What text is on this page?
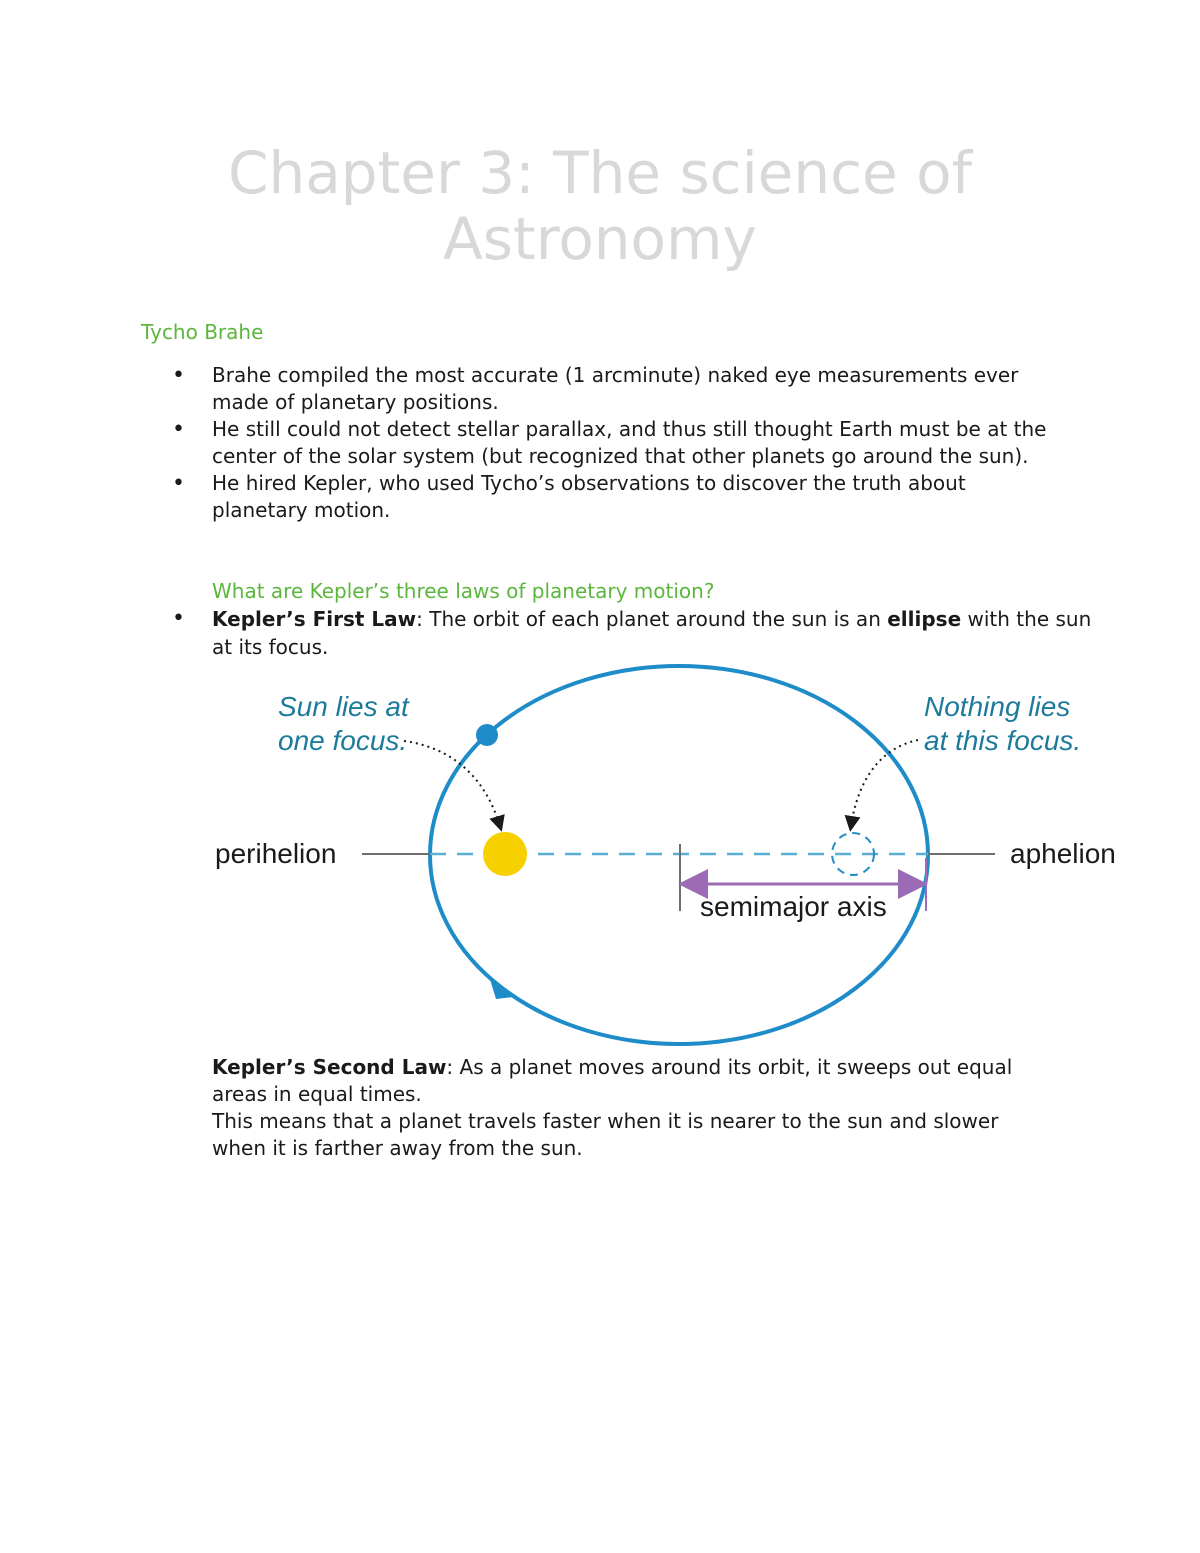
Chapter 3: The science of
Astronomy
Tycho Brahe
• Brahe compiled the most accurate (1 arcminute) naked eye measurements ever made of planetary positions.
• He still could not detect stellar parallax, and thus still thought Earth must be at the center of the solar system (but recognized that other planets go around the sun).
• He hired Kepler, who used Tycho’s observations to discover the truth about planetary motion.
What are Kepler’s three laws of planetary motion?
• Kepler’s First Law: The orbit of each planet around the sun is an ellipse with the sun at its focus.
Sun lies at
one focus.
Nothing lies
at this focus.
perihelion	aphelion
semimajor axis
Kepler’s Second Law: As a planet moves around its orbit, it sweeps out equal areas in equal times.
This means that a planet travels faster when it is nearer to the sun and slower when it is farther away from the sun.
